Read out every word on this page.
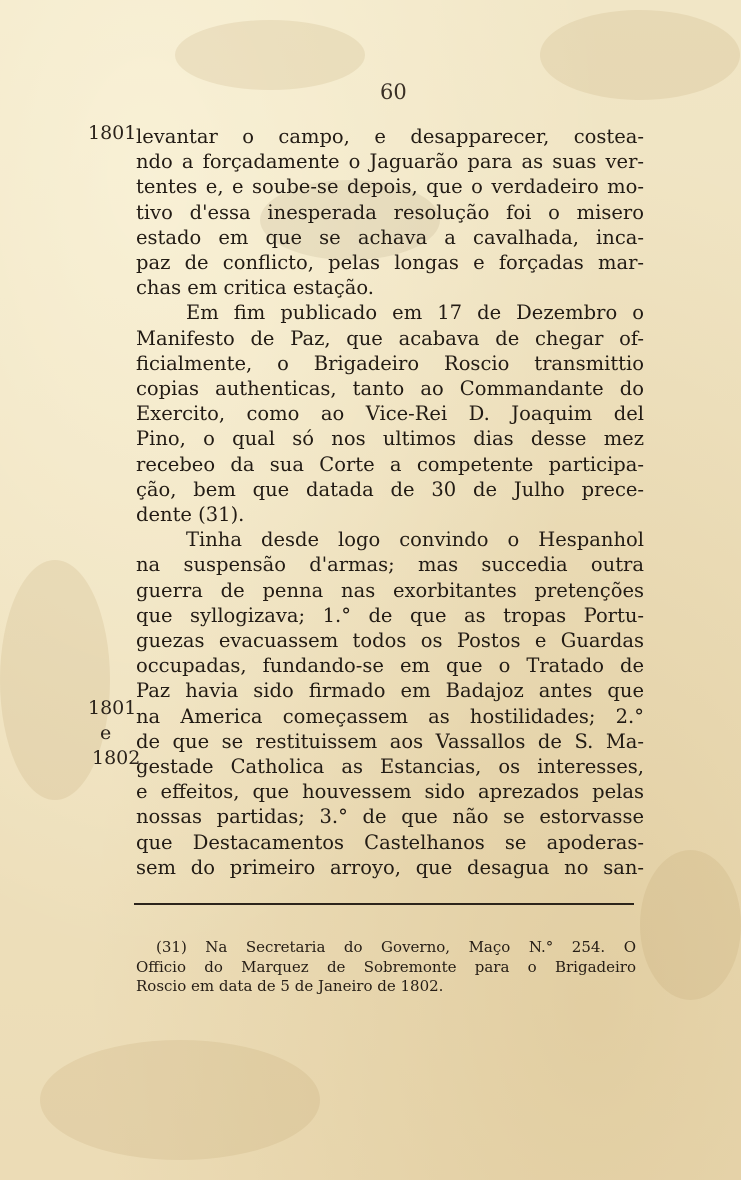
60
1801
1801
e
1802
levantar o campo, e desapparecer, costea-
ndo a forçadamente o Jaguarão para as suas ver-
tentes e, e soube-se depois, que o verdadeiro mo-
tivo d'essa inesperada resolução foi o misero
estado em que se achava a cavalhada, inca-
paz de conflicto, pelas longas e forçadas mar-
chas em critica estação.
Em fim publicado em 17 de Dezembro o
Manifesto de Paz, que acabava de chegar of-
ficialmente, o Brigadeiro Roscio transmittio
copias authenticas, tanto ao Commandante do
Exercito, como ao Vice-Rei D. Joaquim del
Pino, o qual só nos ultimos dias desse mez
recebeo da sua Corte a competente participa-
ção, bem que datada de 30 de Julho prece-
dente (31).
Tinha desde logo convindo o Hespanhol
na suspensão d'armas; mas succedia outra
guerra de penna nas exorbitantes pretenções
que syllogizava; 1.° de que as tropas Portu-
guezas evacuassem todos os Postos e Guardas
occupadas, fundando-se em que o Tratado de
Paz havia sido firmado em Badajoz antes que
na America começassem as hostilidades; 2.°
de que se restituissem aos Vassallos de S. Ma-
gestade Catholica as Estancias, os interesses,
e effeitos, que houvessem sido aprezados pelas
nossas partidas; 3.° de que não se estorvasse
que Destacamentos Castelhanos se apoderas-
sem do primeiro arroyo, que desagua no san-
(31) Na Secretaria do Governo, Maço N.° 254. O
Officio do Marquez de Sobremonte para o Brigadeiro
Roscio em data de 5 de Janeiro de 1802.
